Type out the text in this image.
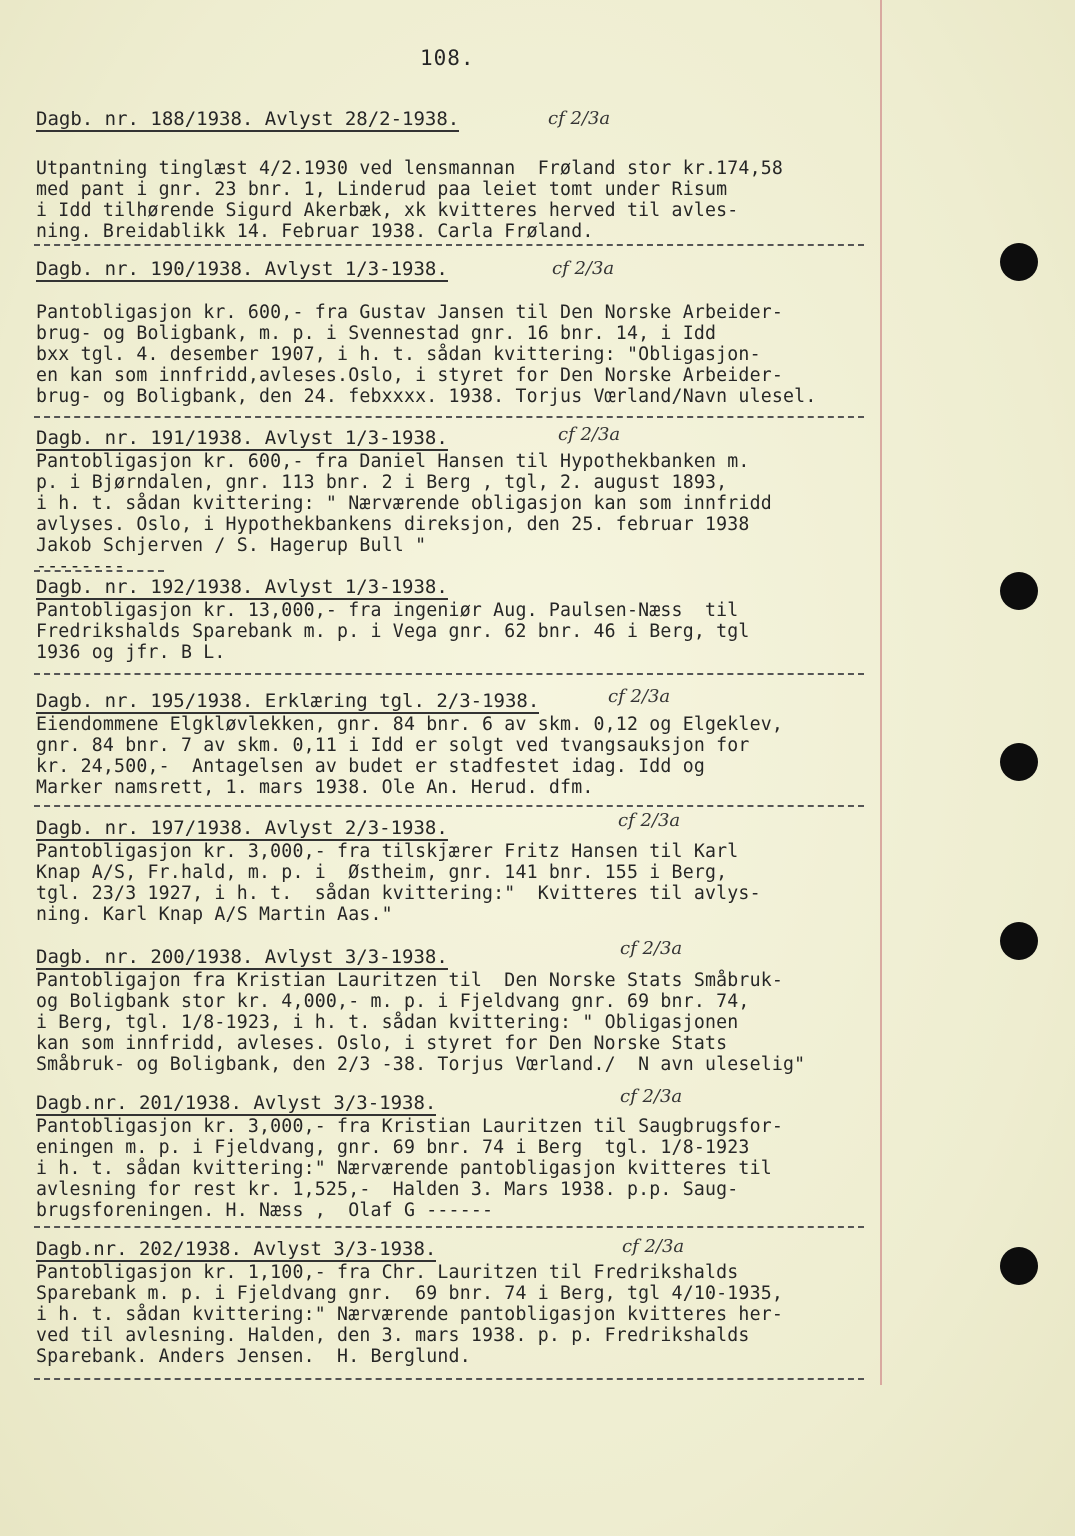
108.
Dagb. nr. 188/1938. Avlyst 28/2-1938.
Utpantning tinglæst 4/2.1930 ved lensmannan  Frøland stor kr.174,58
med pant i gnr. 23 bnr. 1, Linderud paa leiet tomt under Risum
i Idd tilhørende Sigurd Akerbæk, xk kvitteres herved til avles-
ning. Breidablikk 14. Februar 1938. Carla Frøland.
cf 2/3a
Dagb. nr. 190/1938. Avlyst 1/3-1938.
Pantobligasjon kr. 600,- fra Gustav Jansen til Den Norske Arbeider-
brug- og Boligbank, m. p. i Svennestad gnr. 16 bnr. 14, i Idd
bxx tgl. 4. desember 1907, i h. t. sådan kvittering: "Obligasjon-
en kan som innfridd,avleses.Oslo, i styret for Den Norske Arbeider-
brug- og Boligbank, den 24. febxxxx. 1938. Torjus Vœrland/Navn ulesel.
cf 2/3a
Dagb. nr. 191/1938. Avlyst 1/3-1938.
Pantobligasjon kr. 600,- fra Daniel Hansen til Hypothekbanken m.
p. i Bjørndalen, gnr. 113 bnr. 2 i Berg , tgl, 2. august 1893,
i h. t. sådan kvittering: " Nærværende obligasjon kan som innfridd
avlyses. Oslo, i Hypothekbankens direksjon, den 25. februar 1938
Jakob Schjerven / S. Hagerup Bull "
--------
cf 2/3a
Dagb. nr. 192/1938. Avlyst 1/3-1938.
Pantobligasjon kr. 13,000,- fra ingeniør Aug. Paulsen-Næss  til
Fredrikshalds Sparebank m. p. i Vega gnr. 62 bnr. 46 i Berg, tgl
1936 og jfr. B L.
Dagb. nr. 195/1938. Erklæring tgl. 2/3-1938.
Eiendommene Elgkløvlekken, gnr. 84 bnr. 6 av skm. 0,12 og Elgeklev,
gnr. 84 bnr. 7 av skm. 0,11 i Idd er solgt ved tvangsauksjon for
kr. 24,500,-  Antagelsen av budet er stadfestet idag. Idd og
Marker namsrett, 1. mars 1938. Ole An. Herud. dfm.
cf 2/3a
Dagb. nr. 197/1938. Avlyst 2/3-1938.
Pantobligasjon kr. 3,000,- fra tilskjærer Fritz Hansen til Karl
Knap A/S, Fr.hald, m. p. i  Østheim, gnr. 141 bnr. 155 i Berg,
tgl. 23/3 1927, i h. t.  sådan kvittering:"  Kvitteres til avlys-
ning. Karl Knap A/S Martin Aas."
cf 2/3a
Dagb. nr. 200/1938. Avlyst 3/3-1938.
Pantobligajon fra Kristian Lauritzen til  Den Norske Stats Småbruk-
og Boligbank stor kr. 4,000,- m. p. i Fjeldvang gnr. 69 bnr. 74,
i Berg, tgl. 1/8-1923, i h. t. sådan kvittering: " Obligasjonen
kan som innfridd, avleses. Oslo, i styret for Den Norske Stats
Småbruk- og Boligbank, den 2/3 -38. Torjus Vœrland./  N avn uleselig"
cf 2/3a
Dagb.nr. 201/1938. Avlyst 3/3-1938.
Pantobligasjon kr. 3,000,- fra Kristian Lauritzen til Saugbrugsfor-
eningen m. p. i Fjeldvang, gnr. 69 bnr. 74 i Berg  tgl. 1/8-1923
i h. t. sådan kvittering:" Nærværende pantobligasjon kvitteres til
avlesning for rest kr. 1,525,-  Halden 3. Mars 1938. p.p. Saug-
brugsforeningen. H. Næss ,  Olaf G ------
cf 2/3a
Dagb.nr. 202/1938. Avlyst 3/3-1938.
Pantobligasjon kr. 1,100,- fra Chr. Lauritzen til Fredrikshalds
Sparebank m. p. i Fjeldvang gnr.  69 bnr. 74 i Berg, tgl 4/10-1935,
i h. t. sådan kvittering:" Nærværende pantobligasjon kvitteres her-
ved til avlesning. Halden, den 3. mars 1938. p. p. Fredrikshalds
Sparebank. Anders Jensen.  H. Berglund.
cf 2/3a
